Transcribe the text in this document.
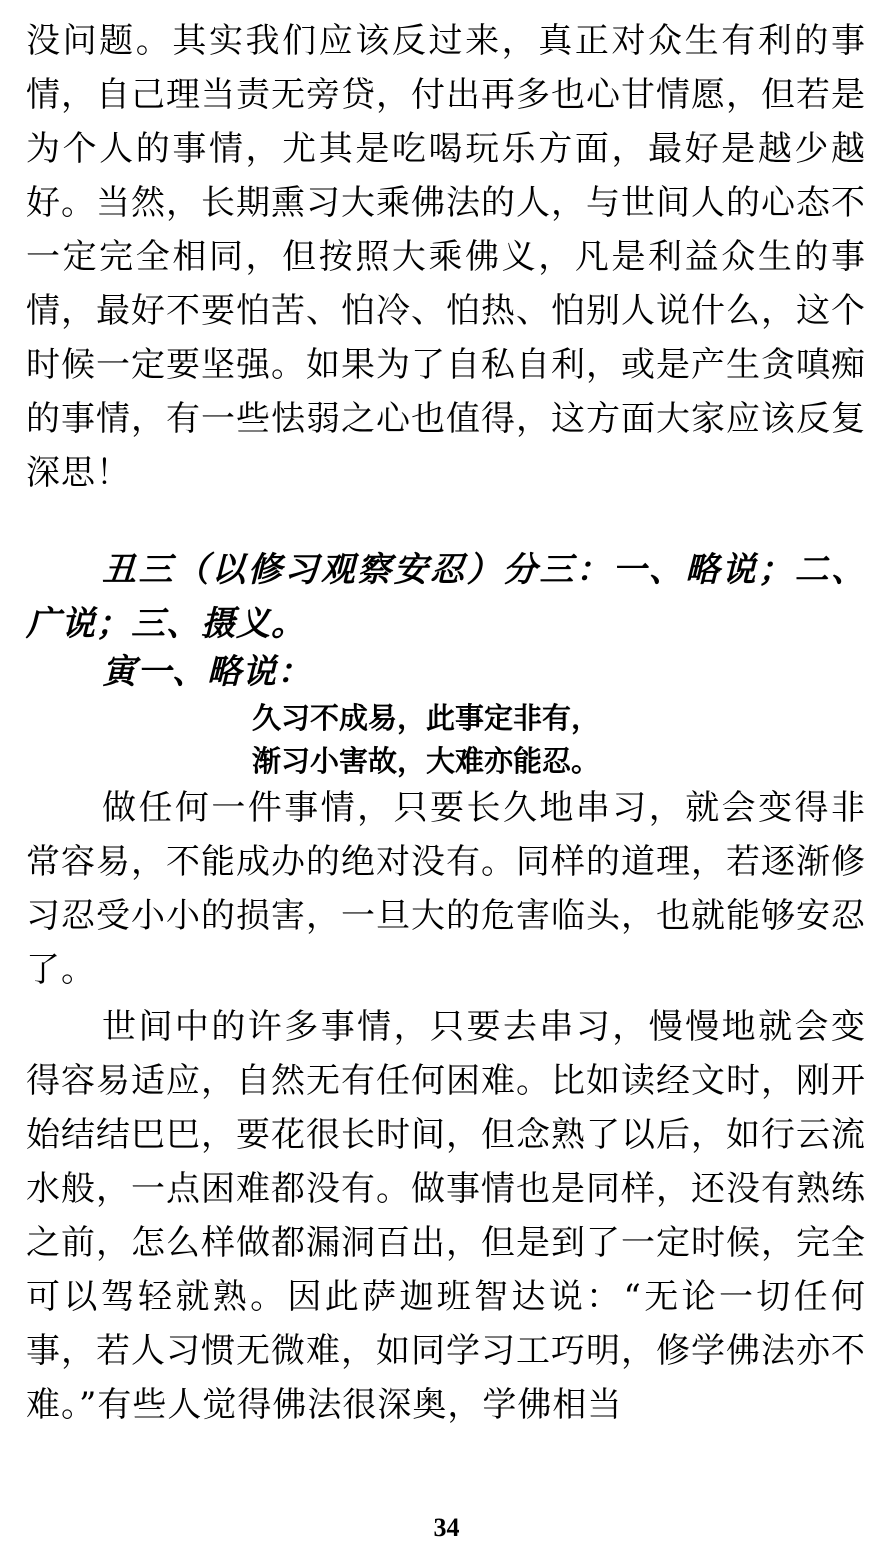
没问题。其实我们应该反过来，真正对众生有利的事情，自己理当责无旁贷，付出再多也心甘情愿，但若是为个人的事情，尤其是吃喝玩乐方面，最好是越少越好。当然，长期熏习大乘佛法的人，与世间人的心态不一定完全相同，但按照大乘佛义，凡是利益众生的事情，最好不要怕苦、怕冷、怕热、怕别人说什么，这个时候一定要坚强。如果为了自私自利，或是产生贪嗔痴的事情，有一些怯弱之心也值得，这方面大家应该反复深思！

丑三（以修习观察安忍）分三：一、略说；二、广说；三、摄义。

寅一、略说：

久习不成易，此事定非有，
渐习小害故，大难亦能忍。

做任何一件事情，只要长久地串习，就会变得非常容易，不能成办的绝对没有。同样的道理，若逐渐修习忍受小小的损害，一旦大的危害临头，也就能够安忍了。

世间中的许多事情，只要去串习，慢慢地就会变得容易适应，自然无有任何困难。比如读经文时，刚开始结结巴巴，要花很长时间，但念熟了以后，如行云流水般，一点困难都没有。做事情也是同样，还没有熟练之前，怎么样做都漏洞百出，但是到了一定时候，完全可以驾轻就熟。因此萨迦班智达说：“无论一切任何事，若人习惯无微难，如同学习工巧明，修学佛法亦不难。”有些人觉得佛法很深奥，学佛相当

34
